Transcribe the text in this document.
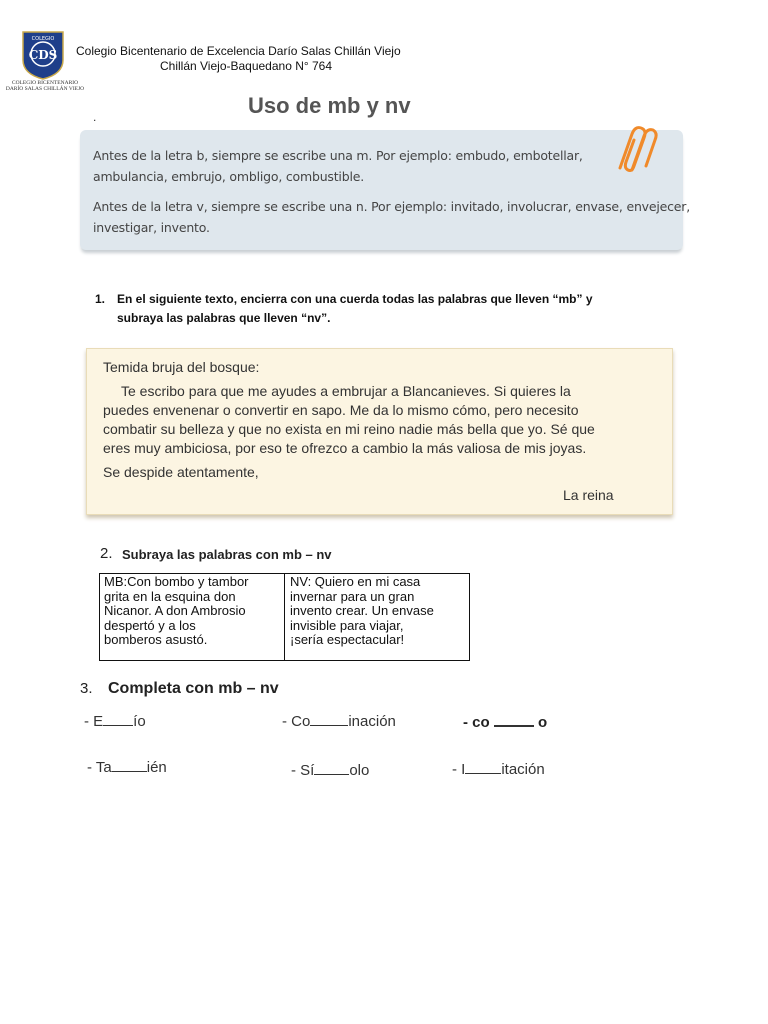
COLEGIO
CDS
COLEGIO BICENTENARIO
DARÍO SALAS CHILLÁN VIEJO
Colegio Bicentenario de Excelencia Darío Salas Chillán Viejo
Chillán Viejo-Baquedano N° 764
.	Uso de mb y nv
Antes de la letra b, siempre se escribe una m. Por ejemplo: embudo, embotellar,
ambulancia, embrujo, ombligo, combustible.
Antes de la letra v, siempre se escribe una n. Por ejemplo: invitado, involucrar, envase, envejecer,
investigar, invento.
1. En el siguiente texto, encierra con una cuerda todas las palabras que lleven “mb” y
subraya las palabras que lleven “nv”.
Temida bruja del bosque:
Te escribo para que me ayudes a embrujar a Blancanieves. Si quieres la
puedes envenenar o convertir en sapo. Me da lo mismo cómo, pero necesito
combatir su belleza y que no exista en mi reino nadie más bella que yo. Sé que
eres muy ambiciosa, por eso te ofrezco a cambio la más valiosa de mis joyas.
Se despide atentamente,
La reina
2. Subraya las palabras con mb – nv
MB:Con bombo y tambor
grita en la esquina don
Nicanor. A don Ambrosio
despertó y a los
bomberos asustó.
NV: Quiero en mi casa
invernar para un gran
invento crear. Un envase
invisible para viajar,
¡sería espectacular!
3. Completa con mb – nv
- E ío	- Co	inación	- co	o
- Ta ién	- Sí olo	- I itación
